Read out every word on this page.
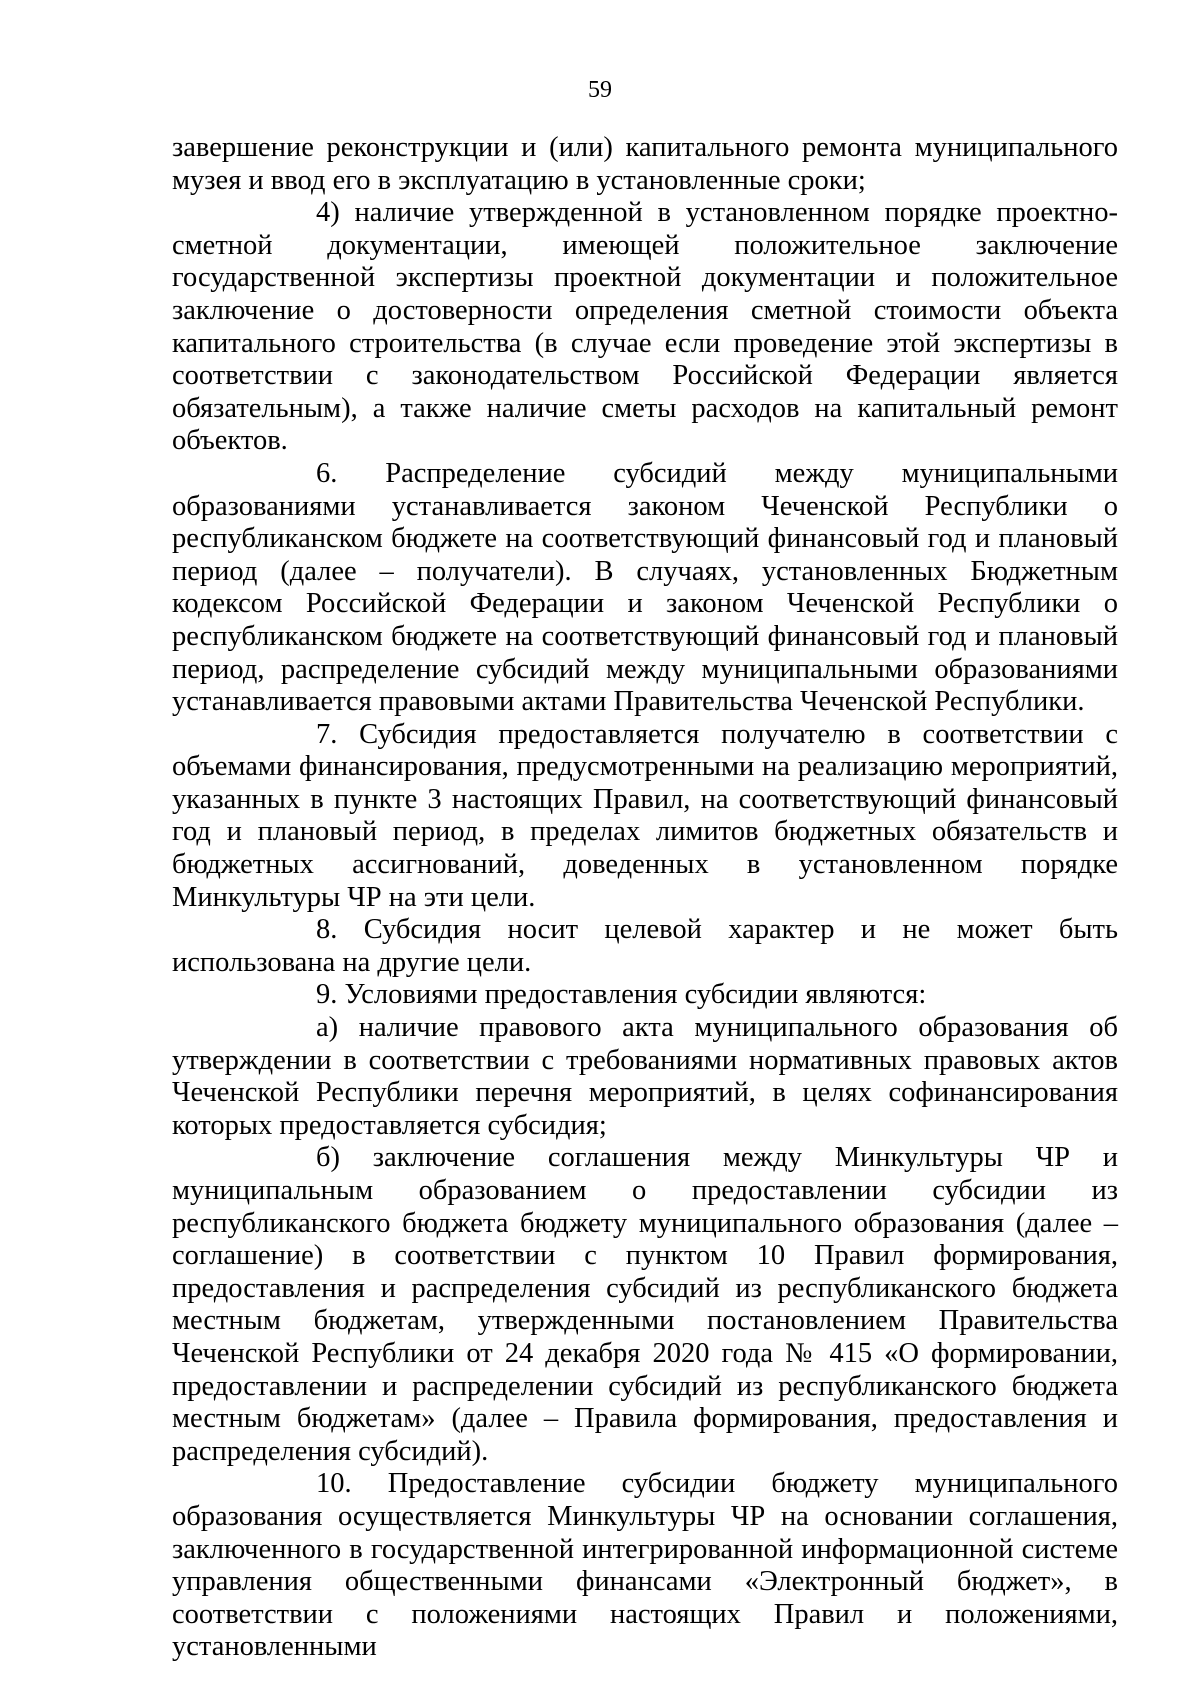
59

завершение реконструкции и (или) капитального ремонта муниципального музея и ввод его в эксплуатацию в установленные сроки;

4) наличие утвержденной в установленном порядке проектно-сметной документации, имеющей положительное заключение государственной экспертизы проектной документации и положительное заключение о достоверности определения сметной стоимости объекта капитального строительства (в случае если проведение этой экспертизы в соответствии с законодательством Российской Федерации является обязательным), а также наличие сметы расходов на капитальный ремонт объектов.

6. Распределение субсидий между муниципальными образованиями устанавливается законом Чеченской Республики о республиканском бюджете на соответствующий финансовый год и плановый период (далее – получатели). В случаях, установленных Бюджетным кодексом Российской Федерации и законом Чеченской Республики о республиканском бюджете на соответствующий финансовый год и плановый период, распределение субсидий между муниципальными образованиями устанавливается правовыми актами Правительства Чеченской Республики.

7. Субсидия предоставляется получателю в соответствии с объемами финансирования, предусмотренными на реализацию мероприятий, указанных в пункте 3 настоящих Правил, на соответствующий финансовый год и плановый период, в пределах лимитов бюджетных обязательств и бюджетных ассигнований, доведенных в установленном порядке Минкультуры ЧР на эти цели.

8. Субсидия носит целевой характер и не может быть использована на другие цели.

9. Условиями предоставления субсидии являются:

а) наличие правового акта муниципального образования об утверждении в соответствии с требованиями нормативных правовых актов Чеченской Республики перечня мероприятий, в целях софинансирования которых предоставляется субсидия;

б) заключение соглашения между Минкультуры ЧР и муниципальным образованием о предоставлении субсидии из республиканского бюджета бюджету муниципального образования (далее – соглашение) в соответствии с пунктом 10 Правил формирования, предоставления и распределения субсидий из республиканского бюджета местным бюджетам, утвержденными постановлением Правительства Чеченской Республики от 24 декабря 2020 года № 415 «О формировании, предоставлении и распределении субсидий из республиканского бюджета местным бюджетам» (далее – Правила формирования, предоставления и распределения субсидий).

10. Предоставление субсидии бюджету муниципального образования осуществляется Минкультуры ЧР на основании соглашения, заключенного в государственной интегрированной информационной системе управления общественными финансами «Электронный бюджет», в соответствии с положениями настоящих Правил и положениями, установленными
